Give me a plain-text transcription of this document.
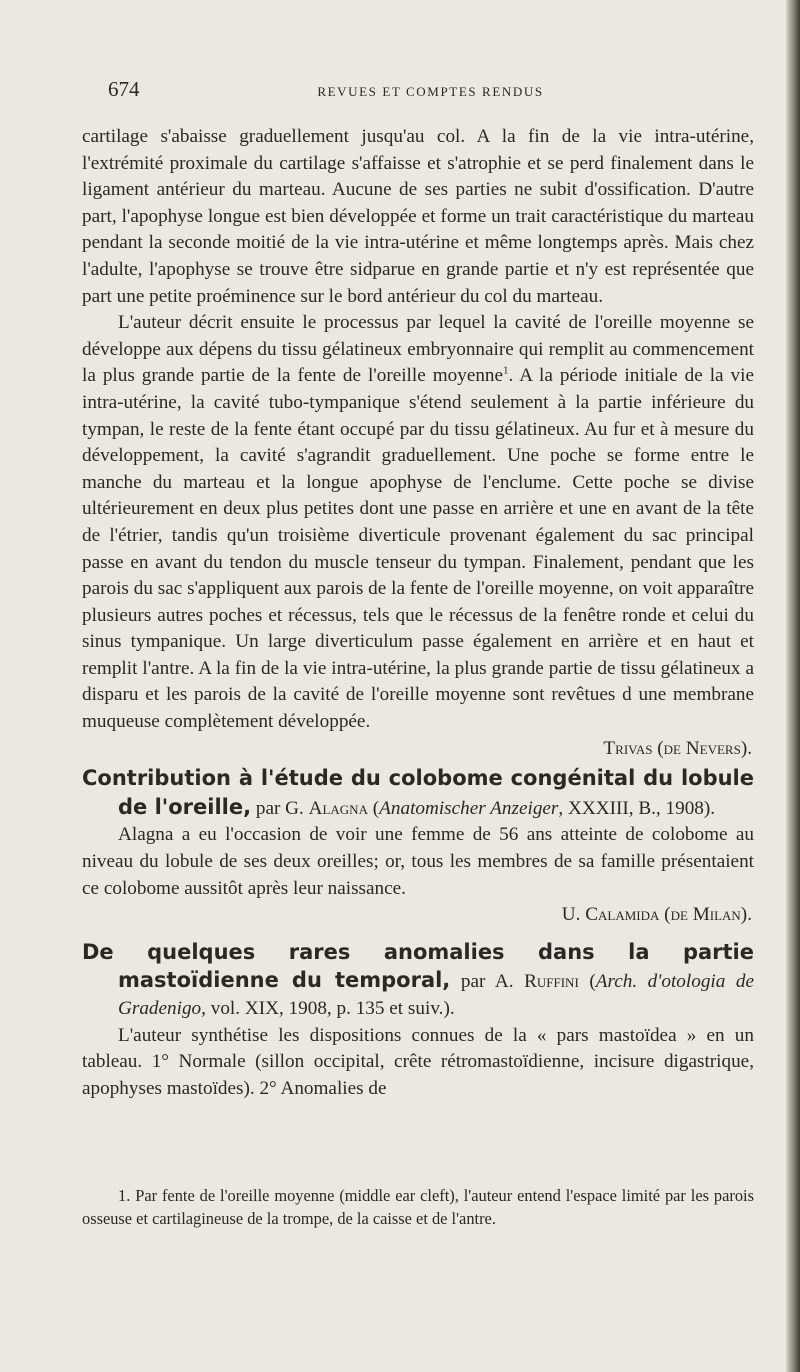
674	REVUES ET COMPTES RENDUS

cartilage s'abaisse graduellement jusqu'au col. A la fin de la vie intra-utérine, l'extrémité proximale du cartilage s'affaisse et s'atrophie et se perd finalement dans le ligament antérieur du marteau. Aucune de ses parties ne subit d'ossification. D'autre part, l'apophyse longue est bien développée et forme un trait caractéristique du marteau pendant la seconde moitié de la vie intra-utérine et même longtemps après. Mais chez l'adulte, l'apophyse se trouve être sidparue en grande partie et n'y est représentée que part une petite proéminence sur le bord antérieur du col du marteau.

L'auteur décrit ensuite le processus par lequel la cavité de l'oreille moyenne se développe aux dépens du tissu gélatineux embryonnaire qui remplit au commencement la plus grande partie de la fente de l'oreille moyenne$^1$. A la période initiale de la vie intra-utérine, la cavité tubo-tympanique s'étend seulement à la partie inférieure du tympan, le reste de la fente étant occupé par du tissu gélatineux. Au fur et à mesure du développement, la cavité s'agrandit graduellement. Une poche se forme entre le manche du marteau et la longue apophyse de l'enclume. Cette poche se divise ultérieurement en deux plus petites dont une passe en arrière et une en avant de la tête de l'étrier, tandis qu'un troisième diverticule provenant également du sac principal passe en avant du tendon du muscle tenseur du tympan. Finalement, pendant que les parois du sac s'appliquent aux parois de la fente de l'oreille moyenne, on voit apparaître plusieurs autres poches et récessus, tels que le récessus de la fenêtre ronde et celui du sinus tympanique. Un large diverticulum passe également en arrière et en haut et remplit l'antre. A la fin de la vie intra-utérine, la plus grande partie de tissu gélatineux a disparu et les parois de la cavité de l'oreille moyenne sont revêtues d une membrane muqueuse complètement développée.

Trivas (de Nevers).

Contribution à l'étude du colobome congénital du lobule de l'oreille, par G. Alagna (Anatomischer Anzeiger, XXXIII, B., 1908).

Alagna a eu l'occasion de voir une femme de 56 ans atteinte de colobome au niveau du lobule de ses deux oreilles; or, tous les membres de sa famille présentaient ce colobome aussitôt après leur naissance.

U. Calamida (de Milan).

De quelques rares anomalies dans la partie mastoïdienne du temporal, par A. Ruffini (Arch. d'otologia de Gradenigo, vol. XIX, 1908, p. 135 et suiv.).

L'auteur synthétise les dispositions connues de la « pars mastoïdea » en un tableau. 1° Normale (sillon occipital, crête rétromastoïdienne, incisure digastrique, apophyses mastoïdes). 2° Anomalies de

1. Par fente de l'oreille moyenne (middle ear cleft), l'auteur entend l'espace limité par les parois osseuse et cartilagineuse de la trompe, de la caisse et de l'antre.
